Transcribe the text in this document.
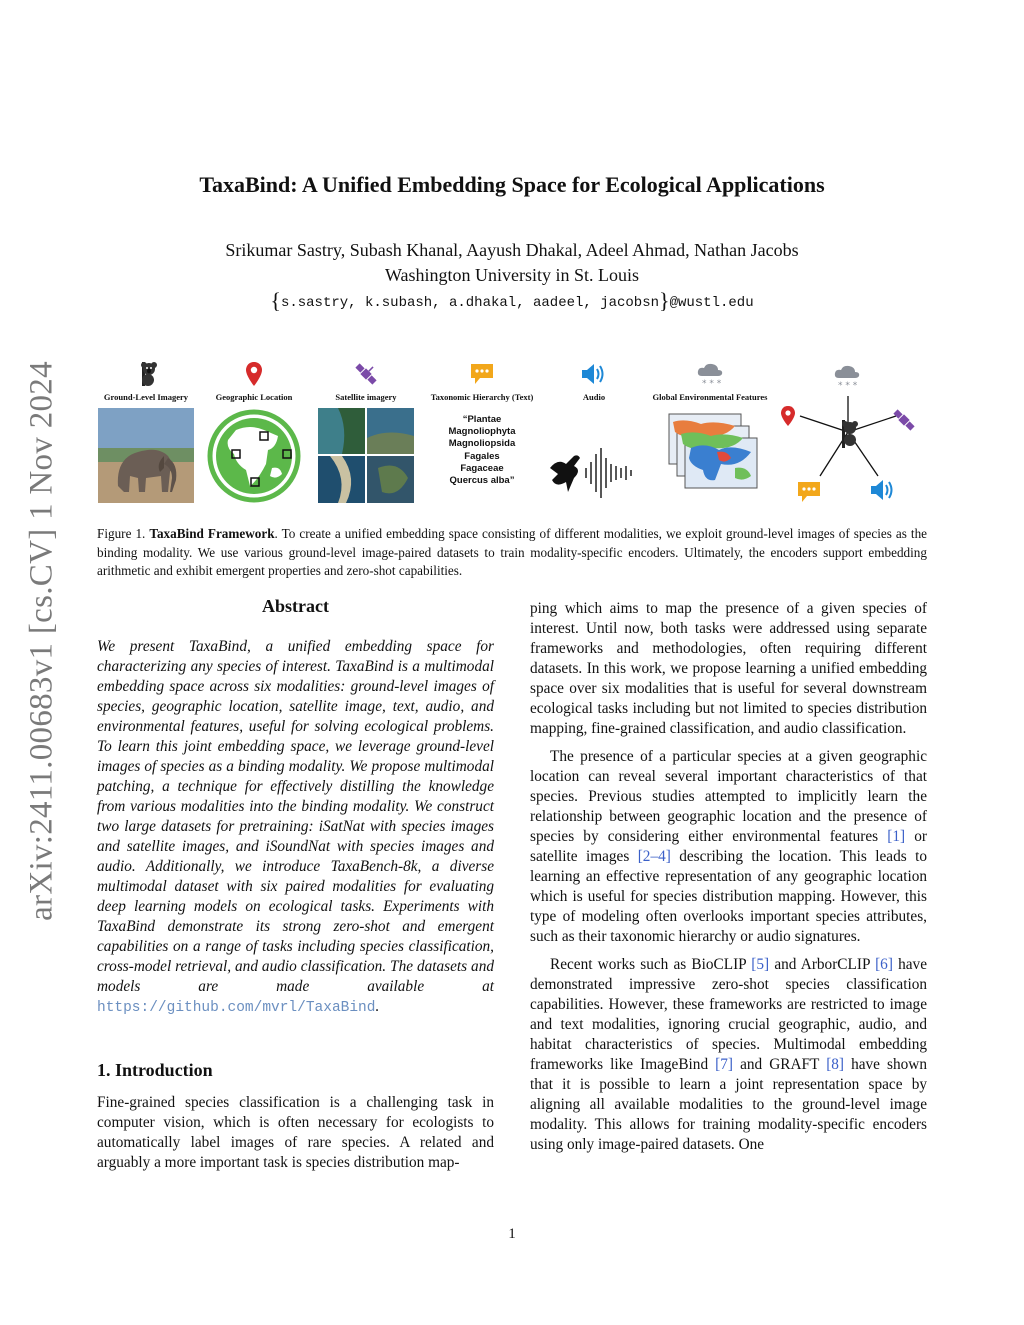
arXiv:2411.00683v1 [cs.CV] 1 Nov 2024
TaxaBind: A Unified Embedding Space for Ecological Applications
Srikumar Sastry, Subash Khanal, Aayush Dhakal, Adeel Ahmad, Nathan Jacobs
Washington University in St. Louis
{s.sastry, k.subash, a.dhakal, aadeel, jacobsn}@wustl.edu
Ground-Level Imagery	Geographic Location	Satellite imagery	Taxonomic Hierarchy (Text)
“Plantae
Magnoliophyta
Magnoliopsida
Fagales
Fagaceae
Quercus alba”
Audio
* * *
Global Environmental Features
* * *
Figure 1. TaxaBind Framework. To create a unified embedding space consisting of different modalities, we exploit ground-level images of species as the binding modality. We use various ground-level image-paired datasets to train modality-specific encoders. Ultimately, the encoders support embedding arithmetic and exhibit emergent properties and zero-shot capabilities.
Abstract

We present TaxaBind, a unified embedding space for characterizing any species of interest. TaxaBind is a multimodal embedding space across six modalities: ground-level images of species, geographic location, satellite image, text, audio, and environmental features, useful for solving ecological problems. To learn this joint embedding space, we leverage ground-level images of species as a binding modality. We propose multimodal patching, a technique for effectively distilling the knowledge from various modalities into the binding modality. We construct two large datasets for pretraining: iSatNat with species images and satellite images, and iSoundNat with species images and audio. Additionally, we introduce TaxaBench-8k, a diverse multimodal dataset with six paired modalities for evaluating deep learning models on ecological tasks. Experiments with TaxaBind demonstrate its strong zero-shot and emergent capabilities on a range of tasks including species classification, cross-model retrieval, and audio classification. The datasets and models are made available at https://github.com/mvrl/TaxaBind.

1. Introduction

Fine-grained species classification is a challenging task in computer vision, which is often necessary for ecologists to automatically label images of rare species. A related and arguably a more important task is species distribution map-

ping which aims to map the presence of a given species of interest. Until now, both tasks were addressed using separate frameworks and methodologies, often requiring different datasets. In this work, we propose learning a unified embedding space over six modalities that is useful for several downstream ecological tasks including but not limited to species distribution mapping, fine-grained classification, and audio classification.

The presence of a particular species at a given geographic location can reveal several important characteristics of that species. Previous studies attempted to implicitly learn the relationship between geographic location and the presence of species by considering either environmental features [1] or satellite images [2–4] describing the location. This leads to learning an effective representation of any geographic location which is useful for species distribution mapping. However, this type of modeling often overlooks important species attributes, such as their taxonomic hierarchy or audio signatures.

Recent works such as BioCLIP [5] and ArborCLIP [6] have demonstrated impressive zero-shot species classification capabilities. However, these frameworks are restricted to image and text modalities, ignoring crucial geographic, audio, and habitat characteristics of species. Multimodal embedding frameworks like ImageBind [7] and GRAFT [8] have shown that it is possible to learn a joint representation space by aligning all available modalities to the ground-level image modality. This allows for training modality-specific encoders using only image-paired datasets. One

1
